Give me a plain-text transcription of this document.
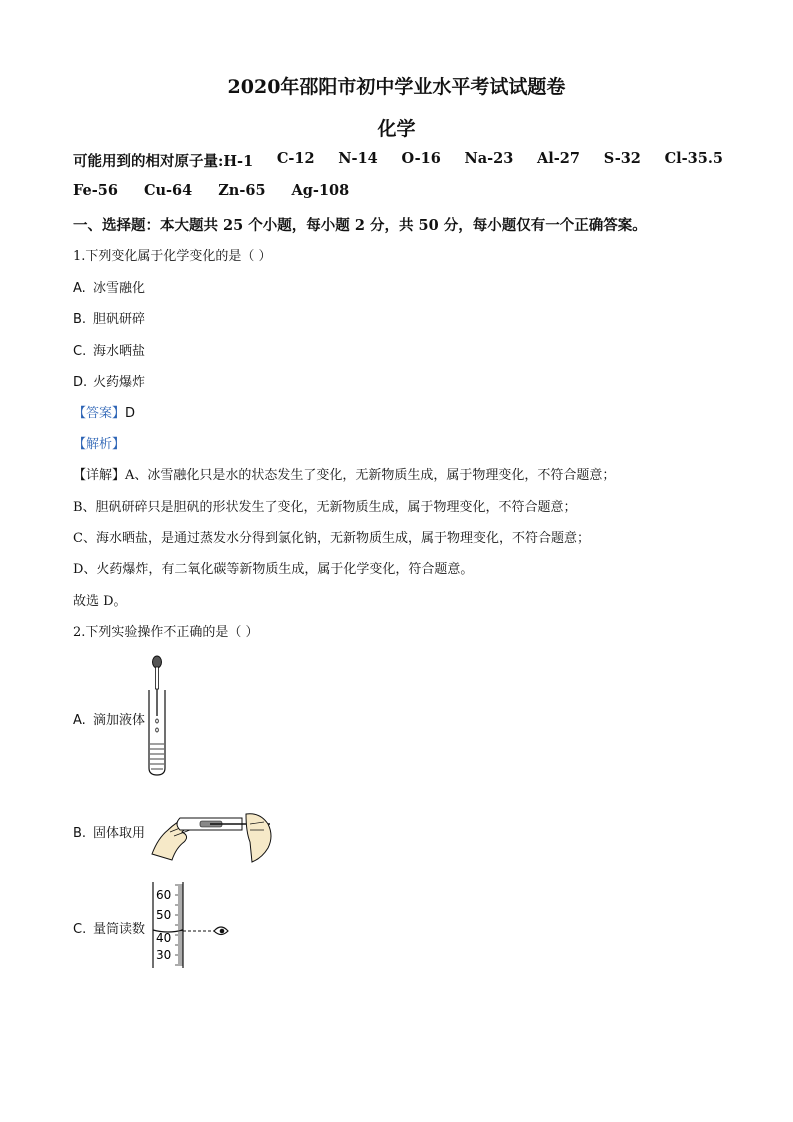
2020年邵阳市初中学业水平考试试题卷
化学
可能用到的相对原子量:H-1 C-12 N-14 O-16 Na-23 Al-27 S-32 Cl-35.5
Fe-56 Cu-64 Zn-65 Ag-108
一、选择题：本大题共 25 个小题，每小题 2 分，共 50 分，每小题仅有一个正确答案。
1.下列变化属于化学变化的是（ ）
A. 冰雪融化
B. 胆矾研碎
C. 海水晒盐
D. 火药爆炸
【答案】D
【解析】
【详解】A、冰雪融化只是水的状态发生了变化，无新物质生成，属于物理变化，不符合题意；
B、胆矾研碎只是胆矾的形状发生了变化，无新物质生成，属于物理变化，不符合题意；
C、海水晒盐，是通过蒸发水分得到氯化钠，无新物质生成，属于物理变化，不符合题意；
D、火药爆炸，有二氧化碳等新物质生成，属于化学变化，符合题意。
故选 D。
2.下列实验操作不正确的是（ ）
A. 滴加液体
B. 固体取用
C. 量筒读数
60
50
40
30
